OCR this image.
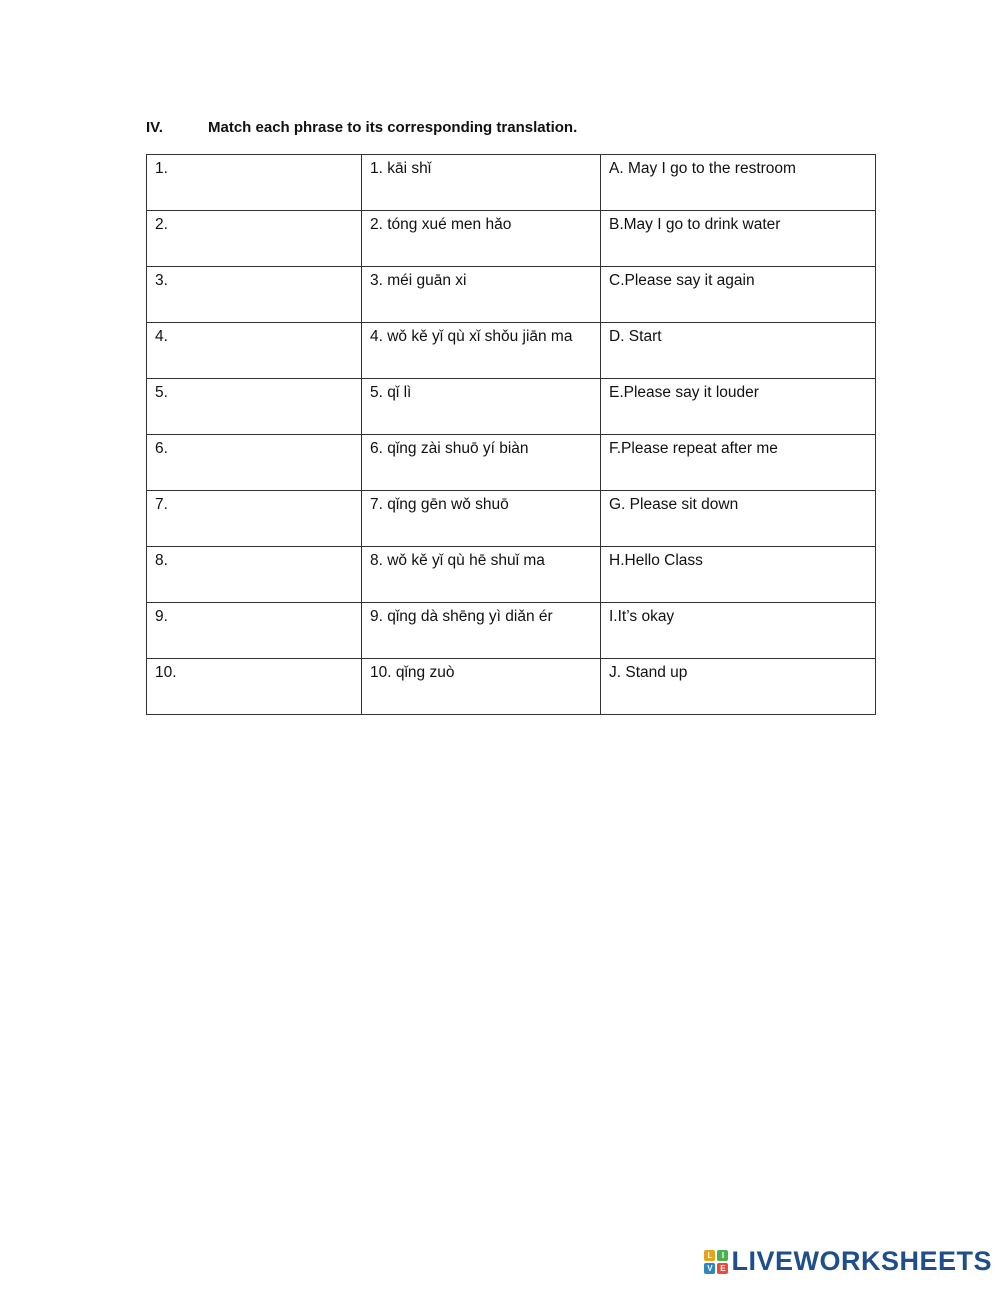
IV.	Match each phrase to its corresponding translation.
1.	1. kāi shǐ	A. May I go to the restroom
2.	2. tóng xué men hǎo	B.May I go to drink water
3.	3. méi guān xi	C.Please say it again
4.	4. wǒ kě yǐ qù xǐ shǒu jiān ma	D. Start
5.	5. qǐ lì	E.Please say it louder
6.	6. qǐng zài shuō yí biàn	F.Please repeat after me
7.	7. qǐng gēn wǒ shuō	G. Please sit down
8.	8. wǒ kě yǐ qù hē shuǐ ma	H.Hello Class
9.	9. qǐng dà shēng yì diǎn ér	I.It’s okay
10.	10. qǐng zuò	J. Stand up
L	I
V E LIVEWORKSHEETS
